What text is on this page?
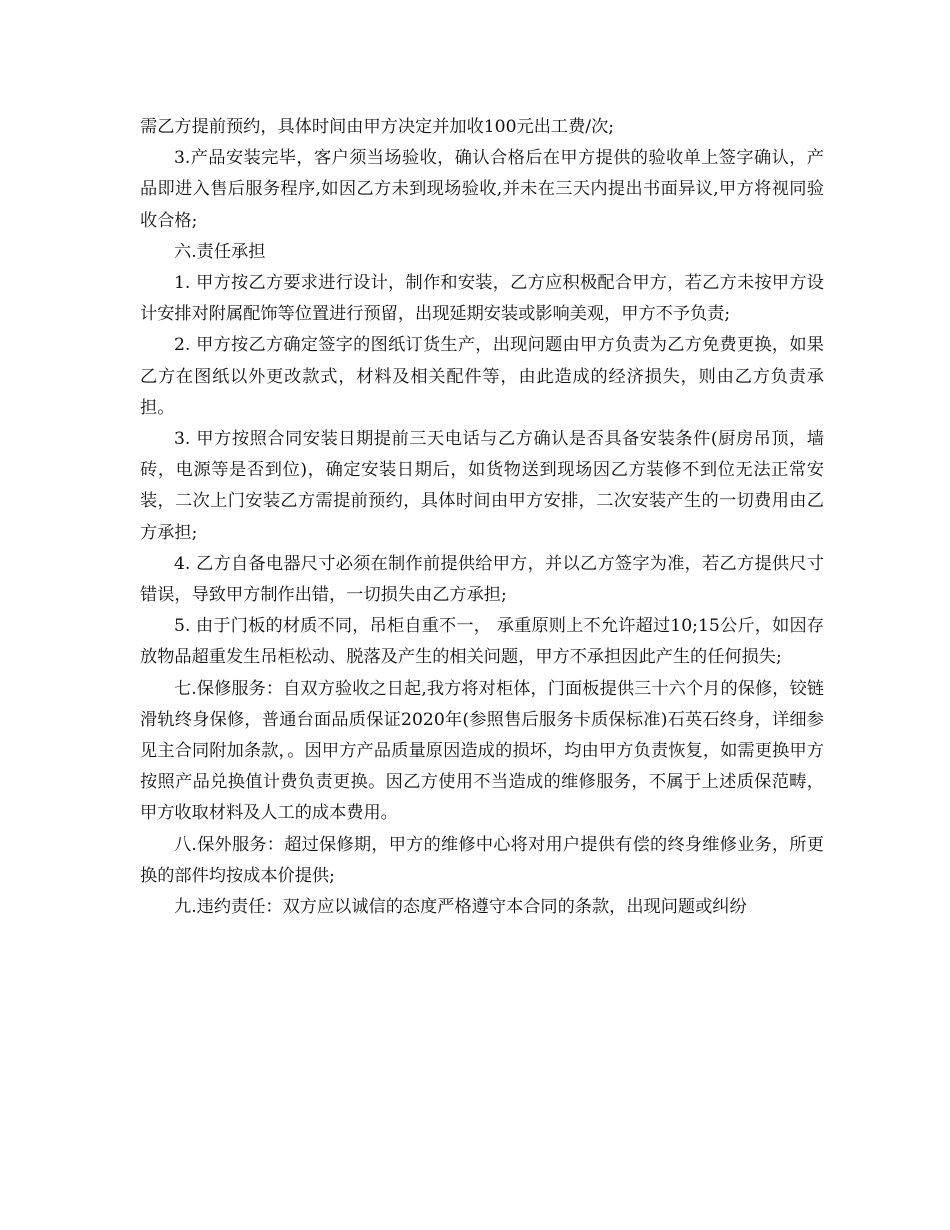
需乙方提前预约，具体时间由甲方决定并加收100元出工费/次;

3.产品安装完毕，客户须当场验收，确认合格后在甲方提供的验收单上签字确认，产品即进入售后服务程序,如因乙方未到现场验收,并未在三天内提出书面异议,甲方将视同验收合格;

六.责任承担

1. 甲方按乙方要求进行设计，制作和安装，乙方应积极配合甲方，若乙方未按甲方设计安排对附属配饰等位置进行预留，出现延期安装或影响美观，甲方不予负责;

2. 甲方按乙方确定签字的图纸订货生产，出现问题由甲方负责为乙方免费更换，如果乙方在图纸以外更改款式，材料及相关配件等，由此造成的经济损失，则由乙方负责承担。

3. 甲方按照合同安装日期提前三天电话与乙方确认是否具备安装条件(厨房吊顶，墙砖，电源等是否到位)，确定安装日期后，如货物送到现场因乙方装修不到位无法正常安装，二次上门安装乙方需提前预约，具体时间由甲方安排，二次安装产生的一切费用由乙方承担;

4. 乙方自备电器尺寸必须在制作前提供给甲方，并以乙方签字为准，若乙方提供尺寸错误，导致甲方制作出错，一切损失由乙方承担;

5. 由于门板的材质不同，吊柜自重不一， 承重原则上不允许超过10;15公斤，如因存放物品超重发生吊柜松动、脱落及产生的相关问题，甲方不承担因此产生的任何损失;

七.保修服务：自双方验收之日起,我方将对柜体，门面板提供三十六个月的保修，铰链滑轨终身保修，普通台面品质保证2020年(参照售后服务卡质保标准)石英石终身，详细参见主合同附加条款，。因甲方产品质量原因造成的损坏，均由甲方负责恢复，如需更换甲方按照产品兑换值计费负责更换。因乙方使用不当造成的维修服务，不属于上述质保范畴，甲方收取材料及人工的成本费用。

八.保外服务：超过保修期，甲方的维修中心将对用户提供有偿的终身维修业务，所更换的部件均按成本价提供;

九.违约责任：双方应以诚信的态度严格遵守本合同的条款，出现问题或纠纷
